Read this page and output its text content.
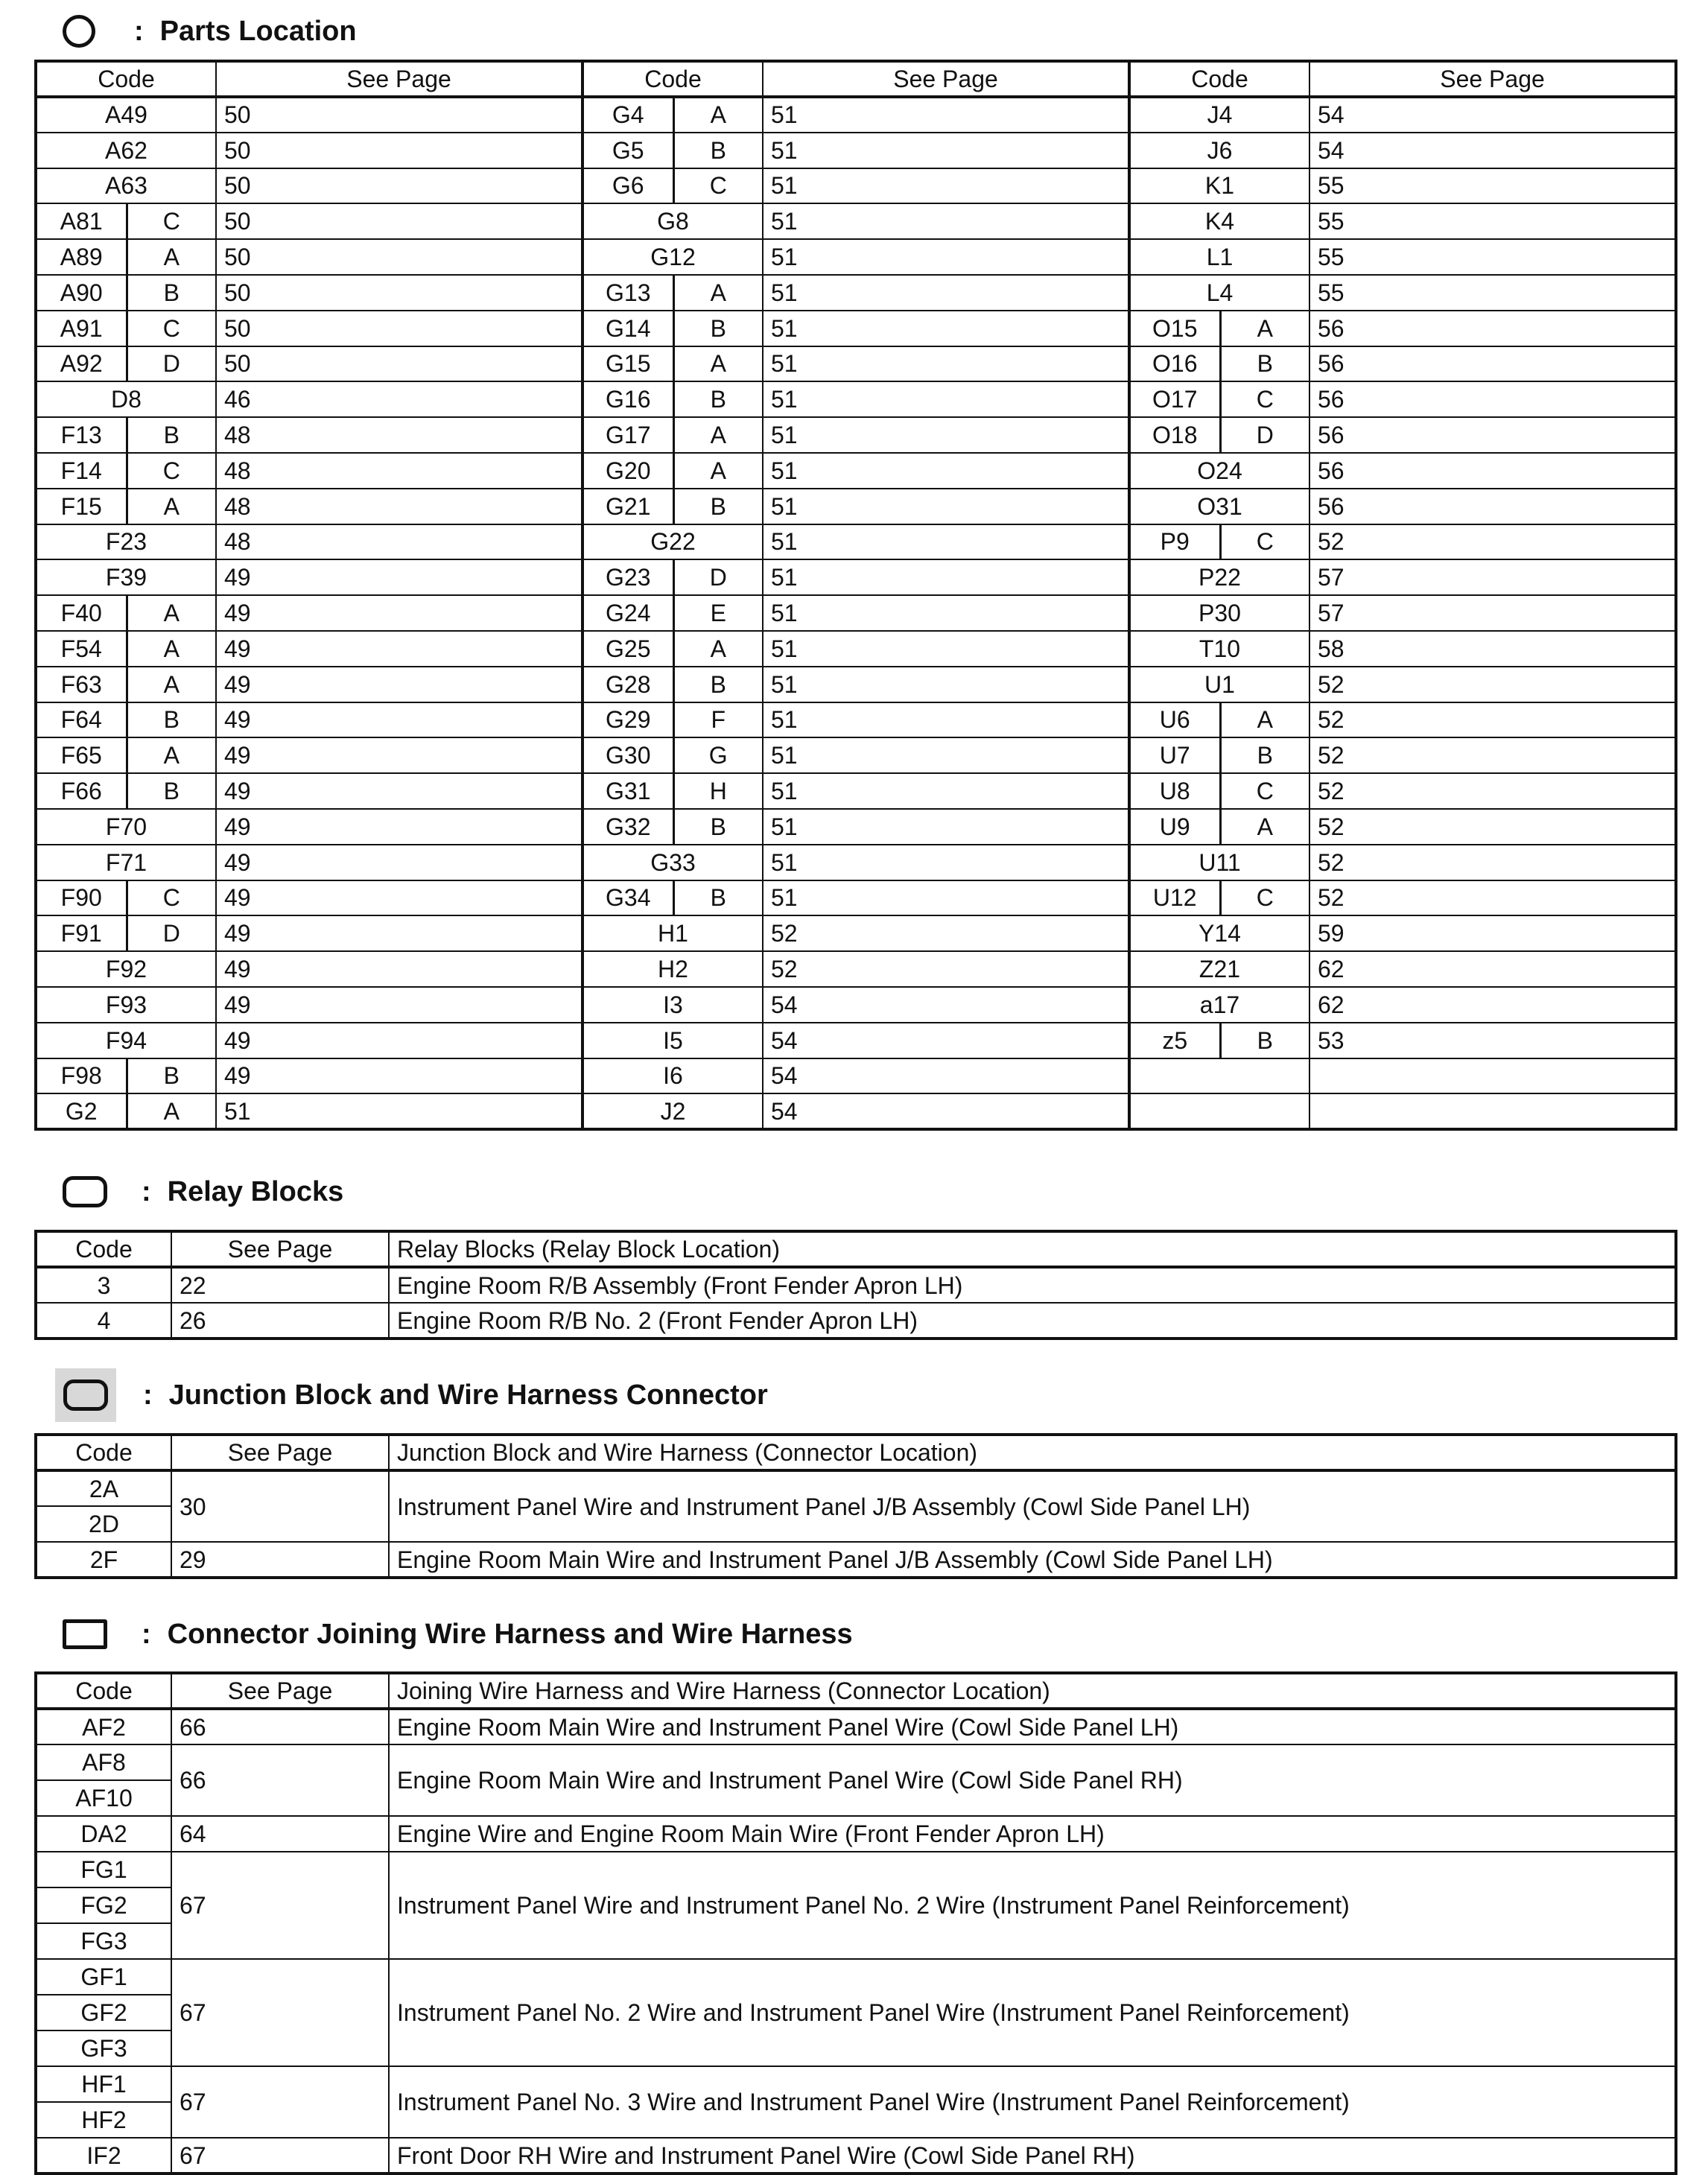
: Parts Location
Code		See Page	Code		See Page	Code		See Page
A49		50	G4	A	51	J4		54
A62		50	G5	B	51	J6		54
A63		50	G6	C	51	K1		55
A81	C	50	G8		51	K4		55
A89	A	50	G12		51	L1		55
A90	B	50	G13	A	51	L4		55
A91	C	50	G14	B	51	O15	A	56
A92	D	50	G15	A	51	O16	B	56
D8		46	G16	B	51	O17	C	56
F13	B	48	G17	A	51	O18	D	56
F14	C	48	G20	A	51	O24		56
F15	A	48	G21	B	51	O31		56
F23		48	G22		51	P9	C	52
F39		49	G23	D	51	P22		57
F40	A	49	G24	E	51	P30		57
F54	A	49	G25	A	51	T10		58
F63	A	49	G28	B	51	U1		52
F64	B	49	G29	F	51	U6	A	52
F65	A	49	G30	G	51	U7	B	52
F66	B	49	G31	H	51	U8	C	52
F70		49	G32	B	51	U9	A	52
F71		49	G33		51	U11		52
F90	C	49	G34	B	51	U12	C	52
F91	D	49	H1		52	Y14		59
F92		49	H2		52	Z21		62
F93		49	I3		54	a17		62
F94		49	I5		54	z5	B	53
F98	B	49	I6		54			
G2	A	51	J2		54			
: Relay Blocks
Code	See Page	Relay Blocks (Relay Block Location)
3	22	Engine Room R/B Assembly (Front Fender Apron LH)
4	26	Engine Room R/B No. 2 (Front Fender Apron LH)
: Junction Block and Wire Harness Connector
Code	See Page	Junction Block and Wire Harness (Connector Location)
2A	30	Instrument Panel Wire and Instrument Panel J/B Assembly (Cowl Side Panel LH)
2D		
2F	29	Engine Room Main Wire and Instrument Panel J/B Assembly (Cowl Side Panel LH)
: Connector Joining Wire Harness and Wire Harness
Code	See Page	Joining Wire Harness and Wire Harness (Connector Location)
AF2	66	Engine Room Main Wire and Instrument Panel Wire (Cowl Side Panel LH)
AF8	66	Engine Room Main Wire and Instrument Panel Wire (Cowl Side Panel RH)
AF10		
DA2	64	Engine Wire and Engine Room Main Wire (Front Fender Apron LH)
FG1	67	Instrument Panel Wire and Instrument Panel No. 2 Wire (Instrument Panel Reinforcement)
FG2		
FG3		
GF1	67	Instrument Panel No. 2 Wire and Instrument Panel Wire (Instrument Panel Reinforcement)
GF2		
GF3		
HF1	67	Instrument Panel No. 3 Wire and Instrument Panel Wire (Instrument Panel Reinforcement)
HF2		
IF2	67	Front Door RH Wire and Instrument Panel Wire (Cowl Side Panel RH)
